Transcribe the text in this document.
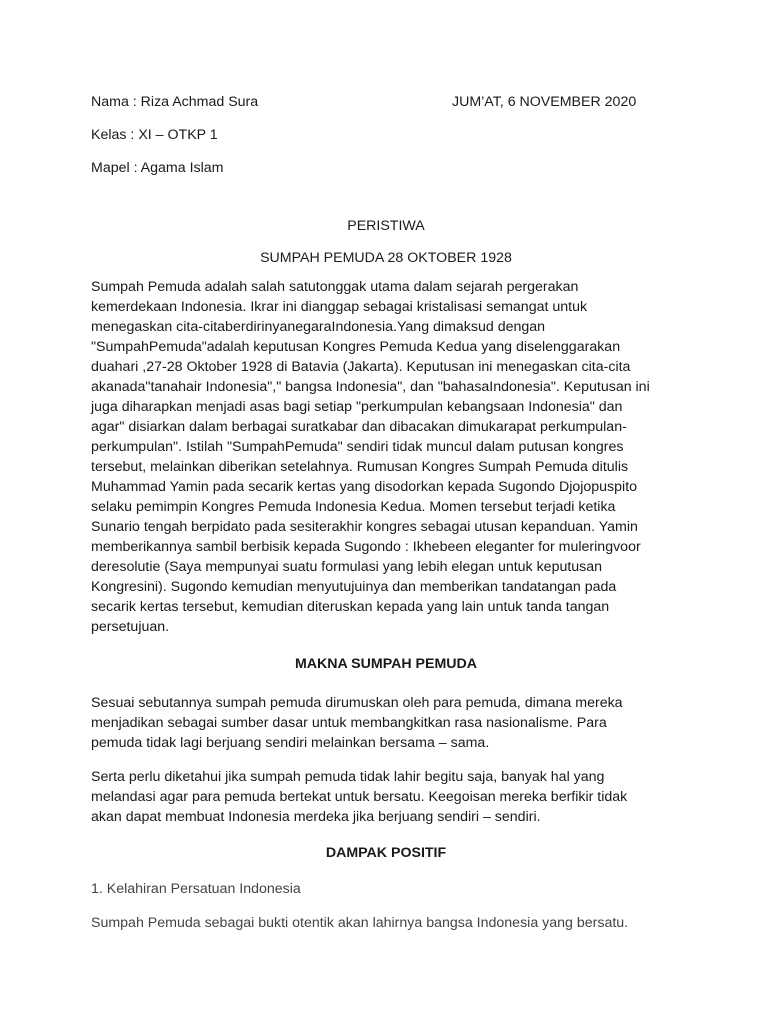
Nama : Riza Achmad Sura	JUM’AT, 6 NOVEMBER 2020
Kelas : XI – OTKP 1
Mapel : Agama Islam
PERISTIWA
SUMPAH PEMUDA 28 OKTOBER 1928
Sumpah Pemuda adalah salah satutonggak utama dalam sejarah pergerakan
kemerdekaan Indonesia. Ikrar ini dianggap sebagai kristalisasi semangat untuk
menegaskan cita-citaberdirinyanegaraIndonesia.Yang dimaksud dengan
"SumpahPemuda"adalah keputusan Kongres Pemuda Kedua yang diselenggarakan
duahari ,27-28 Oktober 1928 di Batavia (Jakarta). Keputusan ini menegaskan cita-cita
akanada"tanahair Indonesia"," bangsa Indonesia", dan "bahasaIndonesia". Keputusan ini
juga diharapkan menjadi asas bagi setiap "perkumpulan kebangsaan Indonesia" dan
agar" disiarkan dalam berbagai suratkabar dan dibacakan dimukarapat perkumpulan-
perkumpulan". Istilah "SumpahPemuda" sendiri tidak muncul dalam putusan kongres
tersebut, melainkan diberikan setelahnya. Rumusan Kongres Sumpah Pemuda ditulis
Muhammad Yamin pada secarik kertas yang disodorkan kepada Sugondo Djojopuspito
selaku pemimpin Kongres Pemuda Indonesia Kedua. Momen tersebut terjadi ketika
Sunario tengah berpidato pada sesiterakhir kongres sebagai utusan kepanduan. Yamin
memberikannya sambil berbisik kepada Sugondo : Ikhebeen eleganter for muleringvoor
deresolutie (Saya mempunyai suatu formulasi yang lebih elegan untuk keputusan
Kongresini). Sugondo kemudian menyutujuinya dan memberikan tandatangan pada
secarik kertas tersebut, kemudian diteruskan kepada yang lain untuk tanda tangan
persetujuan.
MAKNA SUMPAH PEMUDA
Sesuai sebutannya sumpah pemuda dirumuskan oleh para pemuda, dimana mereka
menjadikan sebagai sumber dasar untuk membangkitkan rasa nasionalisme. Para
pemuda tidak lagi berjuang sendiri melainkan bersama – sama.
Serta perlu diketahui jika sumpah pemuda tidak lahir begitu saja, banyak hal yang
melandasi agar para pemuda bertekat untuk bersatu. Keegoisan mereka berfikir tidak
akan dapat membuat Indonesia merdeka jika berjuang sendiri – sendiri.
DAMPAK POSITIF
1. Kelahiran Persatuan Indonesia
Sumpah Pemuda sebagai bukti otentik akan lahirnya bangsa Indonesia yang bersatu.
